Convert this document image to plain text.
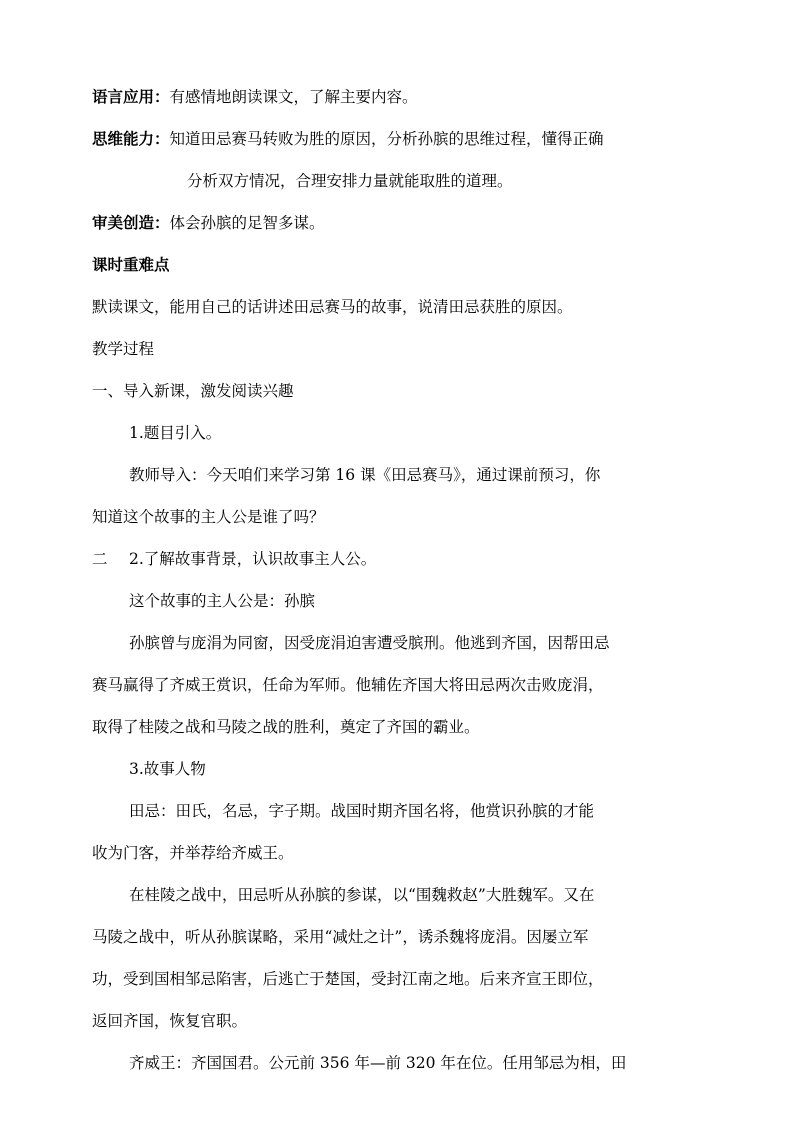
语言应用：有感情地朗读课文，了解主要内容。
思维能力：知道田忌赛马转败为胜的原因，分析孙膑的思维过程，懂得正确
分析双方情况，合理安排力量就能取胜的道理。
审美创造：体会孙膑的足智多谋。
课时重难点
默读课文，能用自己的话讲述田忌赛马的故事，说清田忌获胜的原因。
教学过程
一、导入新课，激发阅读兴趣
1.题目引入。
教师导入：今天咱们来学习第 16 课《田忌赛马》，通过课前预习，你
知道这个故事的主人公是谁了吗？
二 2.了解故事背景，认识故事主人公。
这个故事的主人公是：孙膑
孙膑曾与庞涓为同窗，因受庞涓迫害遭受膑刑。他逃到齐国，因帮田忌
赛马赢得了齐威王赏识，任命为军师。他辅佐齐国大将田忌两次击败庞涓，
取得了桂陵之战和马陵之战的胜利，奠定了齐国的霸业。
3.故事人物
田忌：田氏，名忌，字子期。战国时期齐国名将，他赏识孙膑的才能
收为门客，并举荐给齐威王。
在桂陵之战中，田忌听从孙膑的参谋，以“围魏救赵”大胜魏军。又在
马陵之战中，听从孙膑谋略，采用“减灶之计”，诱杀魏将庞涓。因屡立军
功，受到国相邹忌陷害，后逃亡于楚国，受封江南之地。后来齐宣王即位，
返回齐国，恢复官职。
齐威王：齐国国君。公元前 356 年—前 320 年在位。任用邹忌为相，田
